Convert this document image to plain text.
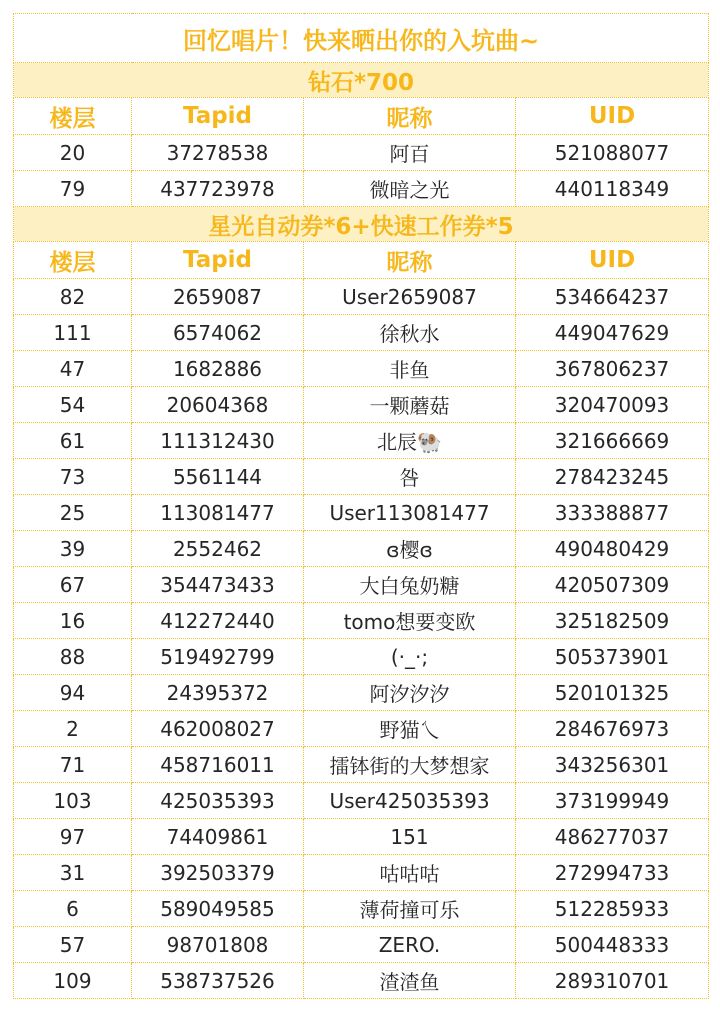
回忆唱片！快来晒出你的入坑曲~			
钻石*700			
楼层	Tapid	昵称	UID
20	37278538	阿百	521088077
79	437723978	微暗之光	440118349
星光自动券*6+快速工作券*5			
楼层	Tapid	昵称	UID
82	2659087	User2659087	534664237
111	6574062	徐秋水	449047629
47	1682886	非鱼	367806237
54	20604368	一颗蘑菇	320470093
61	111312430	北辰🐏	321666669
73	5561144	咎	278423245
25	113081477	User113081477	333388877
39	2552462	ɞ樱ɞ	490480429
67	354473433	大白兔奶糖	420507309
16	412272440	tomo想要变欧	325182509
88	519492799	(·_·;	505373901
94	24395372	阿汐汐汐	520101325
2	462008027	野猫乀	284676973
71	458716011	擂钵街的大梦想家	343256301
103	425035393	User425035393	373199949
97	74409861	151	486277037
31	392503379	咕咕咕	272994733
6	589049585	薄荷撞可乐	512285933
57	98701808	ZERO.	500448333
109	538737526	渣渣鱼	289310701
